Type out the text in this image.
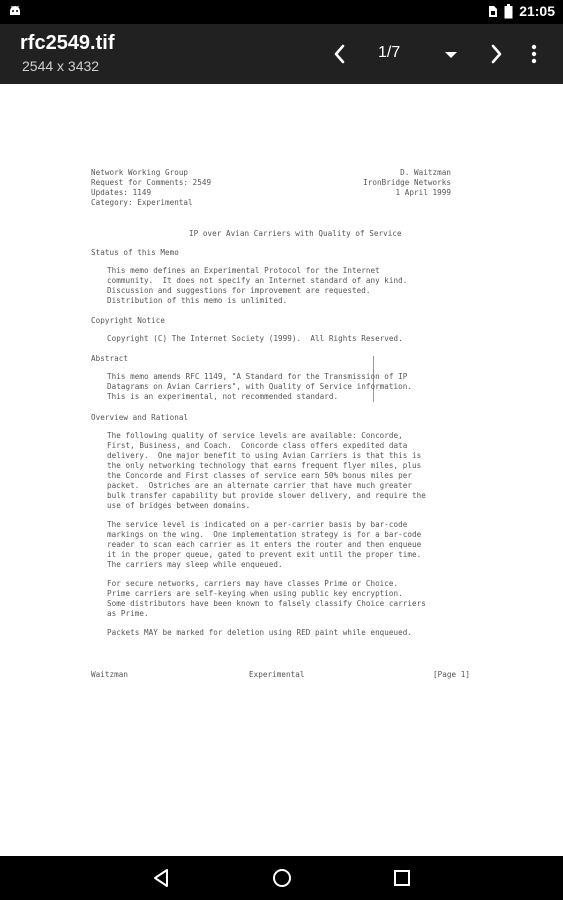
21:05
rfc2549.tif
2544 x 3432
1/7
Network Working Group
Request for Comments: 2549
Updates: 1149
Category: Experimental
D. Waitzman
IronBridge Networks
1 April 1999
IP over Avian Carriers with Quality of Service
Status of this Memo
This memo defines an Experimental Protocol for the Internet
community.  It does not specify an Internet standard of any kind.
Discussion and suggestions for improvement are requested.
Distribution of this memo is unlimited.
Copyright Notice
Copyright (C) The Internet Society (1999).  All Rights Reserved.
Abstract
This memo amends RFC 1149, "A Standard for the Transmission of IP
Datagrams on Avian Carriers", with Quality of Service information.
This is an experimental, not recommended standard.
Overview and Rational
The following quality of service levels are available: Concorde,
First, Business, and Coach.  Concorde class offers expedited data
delivery.  One major benefit to using Avian Carriers is that this is
the only networking technology that earns frequent flyer miles, plus
the Concorde and First classes of service earn 50% bonus miles per
packet.  Ostriches are an alternate carrier that have much greater
bulk transfer capability but provide slower delivery, and require the
use of bridges between domains.
The service level is indicated on a per-carrier basis by bar-code
markings on the wing.  One implementation strategy is for a bar-code
reader to scan each carrier as it enters the router and then enqueue
it in the proper queue, gated to prevent exit until the proper time.
The carriers may sleep while enqueued.
For secure networks, carriers may have classes Prime or Choice.
Prime carriers are self-keying when using public key encryption.
Some distributors have been known to falsely classify Choice carriers
as Prime.
Packets MAY be marked for deletion using RED paint while enqueued.
Waitzman	Experimental	[Page 1]
